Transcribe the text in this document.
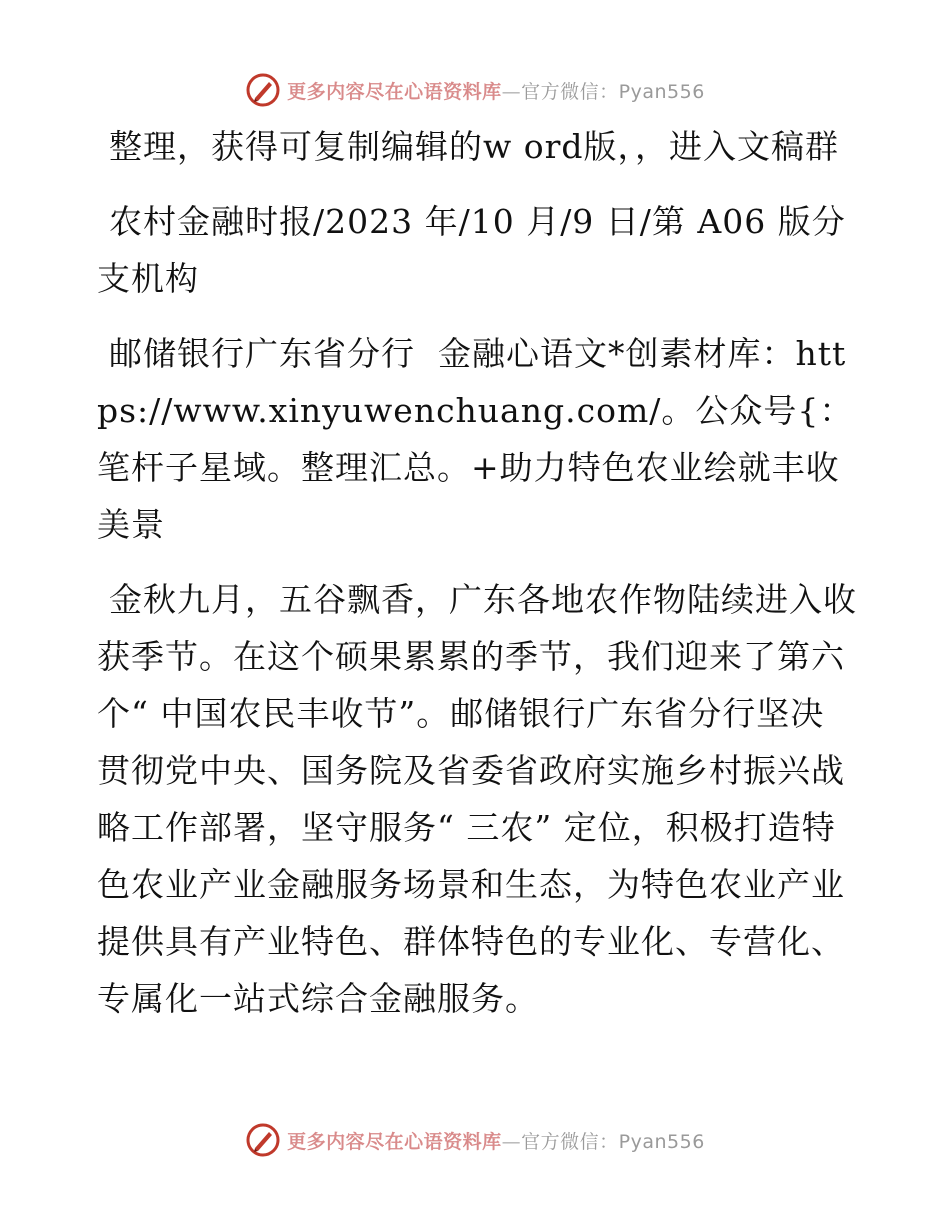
更多内容尽在心语资料库—官方微信：Pyan556

整理，获得可复制编辑的w ord版，，进入文稿群

农村金融时报/2023 年/10 月/9 日/第 A06 版分支机构

邮储银行广东省分行  金融心语文*创素材库：https://www.xinyuwenchuang.com/。公众号{：笔杆子星域。整理汇总。+助力特色农业绘就丰收美景

金秋九月，五谷飘香，广东各地农作物陆续进入收获季节。在这个硕果累累的季节，我们迎来了第六个“ 中国农民丰收节”。邮储银行广东省分行坚决贯彻党中央、国务院及省委省政府实施乡村振兴战略工作部署，坚守服务“ 三农” 定位，积极打造特色农业产业金融服务场景和生态，为特色农业产业提供具有产业特色、群体特色的专业化、专营化、专属化一站式综合金融服务。

更多内容尽在心语资料库—官方微信：Pyan556
